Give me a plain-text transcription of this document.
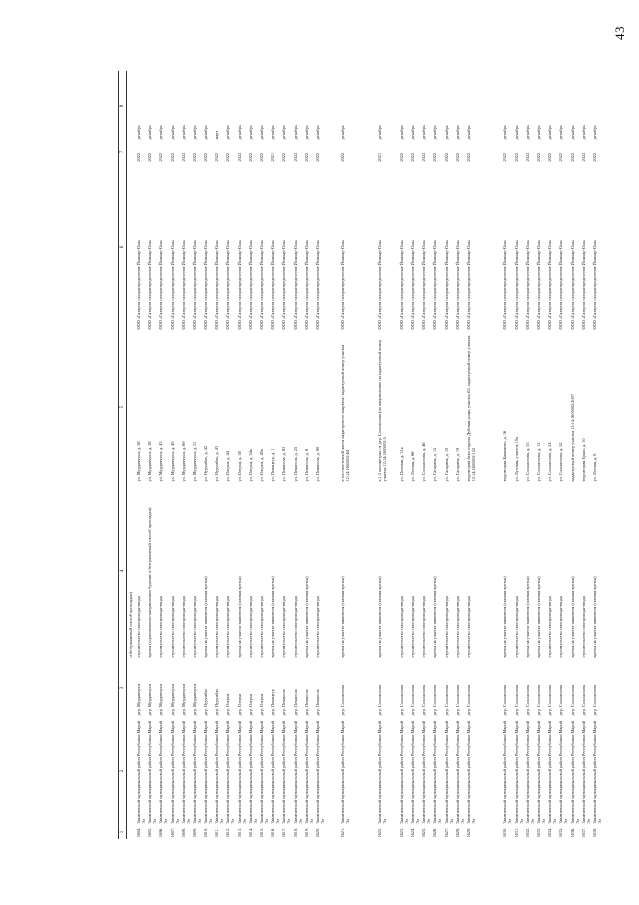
43
1	2	3	4	5	6	7	8
			и безграншевый способ прокладки)				
1604.	Завитинский муниципальный район Республики Марий Эл	дер. Мурданчуки	строительство газопровода-ввода	ул. Мурданчуки, д. 58	ООО «Газпром газораспределение Йошкар-Ола»	2022	декабрь
1605.	Завитинский муниципальный район Республики Марий Эл	дер. Мурданчуки	врезка (горизонтально-направленное бурение и безграншевый способ прокладки)	ул. Мурданчуки, д. 58	ООО «Газпром газораспределение Йошкар-Ола»	2022	декабрь
1606.	Завитинский муниципальный район Республики Марий Эл	дер. Мурданчуки	строительство газопровода-ввода	ул. Мурданчуки, д. 43	ООО «Газпром газораспределение Йошкар-Ола»	2022	декабрь
1607.	Завитинский муниципальный район Республики Марий Эл	дер. Мурданчуки	строительство газопровода-ввода	ул. Мурданчуки, д. 49	ООО «Газпром газораспределение Йошкар-Ола»	2022	декабрь
1608.	Завитинский муниципальный район Республики Марий Эл	дер. Мурданчуки	строительство газопровода-ввода	ул. Мурданчуки, д. 69	ООО «Газпром газораспределение Йошкар-Ола»	2022	декабрь
1609.	Завитинский муниципальный район Республики Марий Эл	дер. Мурданчуки	строительство газопровода-ввода	ул. Мурданчуки, д. 51	ООО «Газпром газораспределение Йошкар-Ола»	2022	декабрь
1610.	Завитинский муниципальный район Республики Марий Эл	дер. Нурумбал	врезка на участке заявителя (газовая врезка)	ул. Нурумбал, д. 42	ООО «Газпром газораспределение Йошкар-Ола»	2022	декабрь
1611.	Завитинский муниципальный район Республики Марий Эл	дер. Нурумбал	строительство газопровода-ввода	ул. Нурумбал, д. 43	ООО «Газпром газораспределение Йошкар-Ола»	2022	март
1612.	Завитинский муниципальный район Республики Марий Эл	дер. Озерки	строительство газопровода-ввода	ул. Озерки, д. 44	ООО «Газпром газораспределение Йошкар-Ола»	2022	декабрь
1613.	Завитинский муниципальный район Республики Марий Эл	дер. Озерки	врезка на участке заявителя (газовая врезка)	ул. Озерки, д. 58	ООО «Газпром газораспределение Йошкар-Ола»	2022	декабрь
1614.	Завитинский муниципальный район Республики Марий Эл	дер. Озерки	строительство газопровода-ввода	ул. Озерки, д. 54а	ООО «Газпром газораспределение Йошкар-Ола»	2022	декабрь
1615.	Завитинский муниципальный район Республики Марий Эл	дер. Озерки	строительство газопровода-ввода	ул. Озерки, д. 49а	ООО «Газпром газораспределение Йошкар-Ола»	2022	декабрь
1616.	Завитинский муниципальный район Республики Марий Эл	дер. Пемацтур	врезка на участке заявителя (газовая врезка)	ул. Пемацтур, д. 1	ООО «Газпром газораспределение Йошкар-Ола»	2021	декабрь
1617.	Завитинский муниципальный район Республики Марий Эл	дер. Пемасола	строительство газопровода-ввода	ул. Пемасола, д. 83	ООО «Газпром газораспределение Йошкар-Ола»	2022	декабрь
1618.	Завитинский муниципальный район Республики Марий Эл	дер. Пемасола	строительство газопровода-ввода	ул. Пемасола, д. 25	ООО «Газпром газораспределение Йошкар-Ола»	2022	декабрь
1619.	Завитинский муниципальный район Республики Марий Эл	дер. Пемасола	врезка на участке заявителя (газовая врезка)	ул. Пемасола, д. 8	ООО «Газпром газораспределение Йошкар-Ола»	2022	декабрь
1620.	Завитинский муниципальный район Республики Марий Эл	дер. Пемасола	строительство газопровода-ввода	ул. Пемасола, д. 80	ООО «Газпром газораспределение Йошкар-Ола»	2022	декабрь

1621.	Завитинский муниципальный район Республики Марий Эл	дер. Сольмолова	врезка на участке заявителя (газовая врезка)	в юго-восточной части кадастрового квартала, кадастровый номер участка 12:14:1605002:64	ООО «Газпром газораспределение Йошкар-Ола»	2022	декабрь

1622.	Завитинский муниципальный район Республики Марий Эл	дер. Сольмолова	врезка на участке заявителя (газовая врезка)	в 1,3 километрах от дер. Сольмолова (по направлению на кадастровый номер участка 12:14:1605002:5	ООО «Газпром газораспределение Йошкар-Ола»	2021	декабрь
1623.	Завитинский муниципальный район Республики Марий Эл	дер. Сольмолова	строительство газопровода-ввода	ул. Полевая, д. 31а	ООО «Газпром газораспределение Йошкар-Ола»	2022	декабрь
1624.	Завитинский муниципальный район Республики Марий Эл	дер. Сольмолова	строительство газопровода-ввода	ул. Лесная, д. 66	ООО «Газпром газораспределение Йошкар-Ола»	2022	декабрь
1625.	Завитинский муниципальный район Республики Марий Эл	дер. Сольмолова	строительство газопровода-ввода	ул. Сольмолова, д. 46	ООО «Газпром газораспределение Йошкар-Ола»	2022	декабрь
1626.	Завитинский муниципальный район Республики Марий Эл	дер. Сольмолова	врезка на участке заявителя (газовая врезка)	ул. Гагарина, д. 15	ООО «Газпром газораспределение Йошкар-Ола»	2022	декабрь
1627.	Завитинский муниципальный район Республики Марий Эл	дер. Сольмолова	строительство газопровода-ввода	ул. Гагарина, д. 10	ООО «Газпром газораспределение Йошкар-Ола»	2022	декабрь
1628.	Завитинский муниципальный район Республики Марий Эл	дер. Сольмолова	строительство газопровода-ввода	ул. Гагарина, д. 19	ООО «Газпром газораспределение Йошкар-Ола»	2022	декабрь
1629.	Завитинский муниципальный район Республики Марий Эл	дер. Сольмолова	строительство газопровода-ввода	территория базы отдыха Дубовая роща, участок 63, кадастровый номер участка 12:14:1605002:152	ООО «Газпром газораспределение Йошкар-Ола»	2022	декабрь

1630.	Завитинский муниципальный район Республики Марий Эл	дер. Сольмолова	врезка на участке заявителя (газовая врезка)	территория Кашкаево, д. 16	ООО «Газпром газораспределение Йошкар-Ола»	2022	декабрь
1631.	Завитинский муниципальный район Республики Марий Эл	дер. Сольмолова	строительство газопровода-ввода	ул. Луговая, участок 19а	ООО «Газпром газораспределение Йошкар-Ола»	2022	декабрь
1632.	Завитинский муниципальный район Республики Марий Эл	дер. Сольмолова	врезка на участке заявителя (газовая врезка)	ул. Сольмолова, д. 53	ООО «Газпром газораспределение Йошкар-Ола»	2022	декабрь
1633.	Завитинский муниципальный район Республики Марий Эл	дер. Сольмолова	врезка на участке заявителя (газовая врезка)	ул. Сольмолова, д. 12	ООО «Газпром газораспределение Йошкар-Ола»	2022	декабрь
1634.	Завитинский муниципальный район Республики Марий Эл	дер. Сольмолова	строительство газопровода-ввода	ул. Сольмолова, д. 24	ООО «Газпром газораспределение Йошкар-Ола»	2022	декабрь
1635.	Завитинский муниципальный район Республики Марий Эл	дер. Сольмолова	строительство газопровода-ввода	ул. Сольмолова, д. 52	ООО «Газпром газораспределение Йошкар-Ола»	2022	декабрь
1636.	Завитинский муниципальный район Республики Марий Эл	дер. Сольмолова	врезка на участке заявителя (газовая врезка)	кадастровый номер участка 12:14:1605002:2007	ООО «Газпром газораспределение Йошкар-Ола»	2022	декабрь
1637.	Завитинский муниципальный район Республики Марий Эл	дер. Сольмолова	строительство газопровода-ввода	территория Ерши, д. 10	ООО «Газпром газораспределение Йошкар-Ола»	2022	декабрь
1638.	Завитинский муниципальный район Республики Марий Эл	дер. Сольмолова	врезка на участке заявителя (газовая врезка)	ул. Лесная, д. 8	ООО «Газпром газораспределение Йошкар-Ола»	2022	декабрь
